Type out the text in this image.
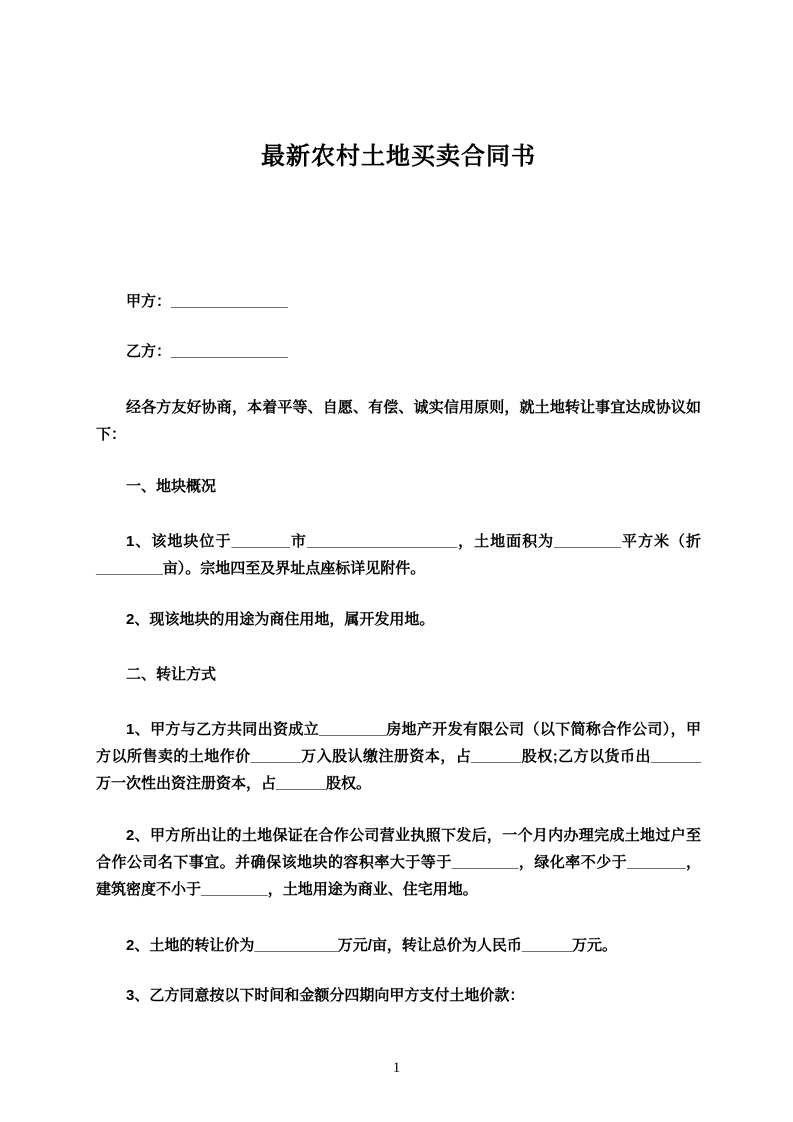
最新农村土地买卖合同书

甲方：______________

乙方：______________

经各方友好协商，本着平等、自愿、有偿、诚实信用原则，就土地转让事宜达成协议如下：

一、地块概况

1、该地块位于_______市__________________，土地面积为________平方米（折________亩）。宗地四至及界址点座标详见附件。

2、现该地块的用途为商住用地，属开发用地。

二、转让方式

1、甲方与乙方共同出资成立________房地产开发有限公司（以下简称合作公司），甲方以所售卖的土地作价______万入股认缴注册资本，占______股权;乙方以货币出______万一次性出资注册资本，占______股权。

2、甲方所出让的土地保证在合作公司营业执照下发后，一个月内办理完成土地过户至合作公司名下事宜。并确保该地块的容积率大于等于________，绿化率不少于_______，建筑密度不小于________，土地用途为商业、住宅用地。

2、土地的转让价为__________万元/亩，转让总价为人民币______万元。

3、乙方同意按以下时间和金额分四期向甲方支付土地价款：

1
